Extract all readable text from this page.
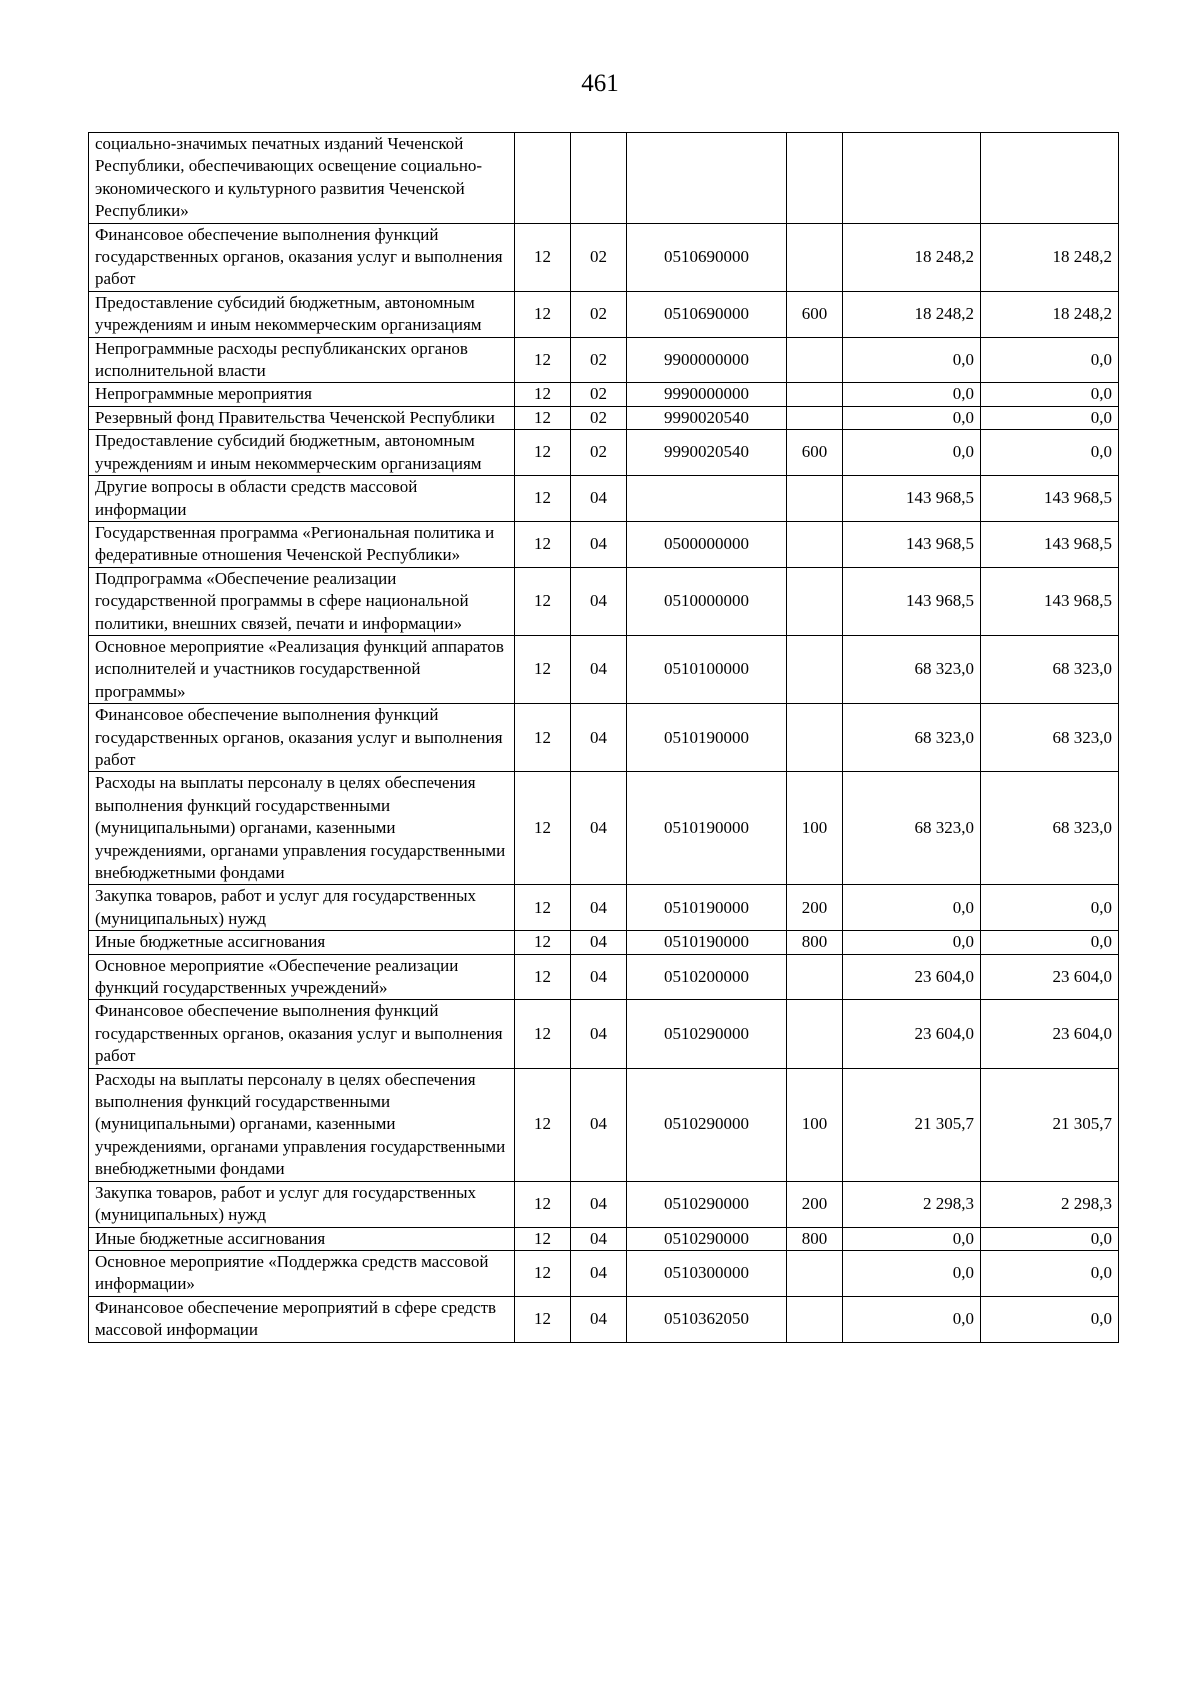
461
социально-значимых печатных изданий Чеченской Республики, обеспечивающих освещение социально-экономического и культурного развития Чеченской Республики»						
Финансовое обеспечение выполнения функций государственных органов, оказания услуг и выполнения работ	12	02	0510690000		18 248,2	18 248,2
Предоставление субсидий бюджетным, автономным учреждениям и иным некоммерческим организациям	12	02	0510690000	600	18 248,2	18 248,2
Непрограммные расходы республиканских органов исполнительной власти	12	02	9900000000		0,0	0,0
Непрограммные мероприятия	12	02	9990000000		0,0	0,0
Резервный фонд Правительства Чеченской Республики	12	02	9990020540		0,0	0,0
Предоставление субсидий бюджетным, автономным учреждениям и иным некоммерческим организациям	12	02	9990020540	600	0,0	0,0
Другие вопросы в области средств массовой информации	12	04			143 968,5	143 968,5
Государственная программа «Региональная политика и федеративные отношения Чеченской Республики»	12	04	0500000000		143 968,5	143 968,5
Подпрограмма «Обеспечение реализации государственной программы в сфере национальной политики, внешних связей, печати и информации»	12	04	0510000000		143 968,5	143 968,5
Основное мероприятие «Реализация функций аппаратов исполнителей и участников государственной программы»	12	04	0510100000		68 323,0	68 323,0
Финансовое обеспечение выполнения функций государственных органов, оказания услуг и выполнения работ	12	04	0510190000		68 323,0	68 323,0
Расходы на выплаты персоналу в целях обеспечения выполнения функций государственными (муниципальными) органами, казенными учреждениями, органами управления государственными внебюджетными фондами	12	04	0510190000	100	68 323,0	68 323,0
Закупка товаров, работ и услуг для государственных (муниципальных) нужд	12	04	0510190000	200	0,0	0,0
Иные бюджетные ассигнования	12	04	0510190000	800	0,0	0,0
Основное мероприятие «Обеспечение реализации функций государственных учреждений»	12	04	0510200000		23 604,0	23 604,0
Финансовое обеспечение выполнения функций государственных органов, оказания услуг и выполнения работ	12	04	0510290000		23 604,0	23 604,0
Расходы на выплаты персоналу в целях обеспечения выполнения функций государственными (муниципальными) органами, казенными учреждениями, органами управления государственными внебюджетными фондами	12	04	0510290000	100	21 305,7	21 305,7
Закупка товаров, работ и услуг для государственных (муниципальных) нужд	12	04	0510290000	200	2 298,3	2 298,3
Иные бюджетные ассигнования	12	04	0510290000	800	0,0	0,0
Основное мероприятие «Поддержка средств массовой информации»	12	04	0510300000		0,0	0,0
Финансовое обеспечение мероприятий в сфере средств массовой информации	12	04	0510362050		0,0	0,0
